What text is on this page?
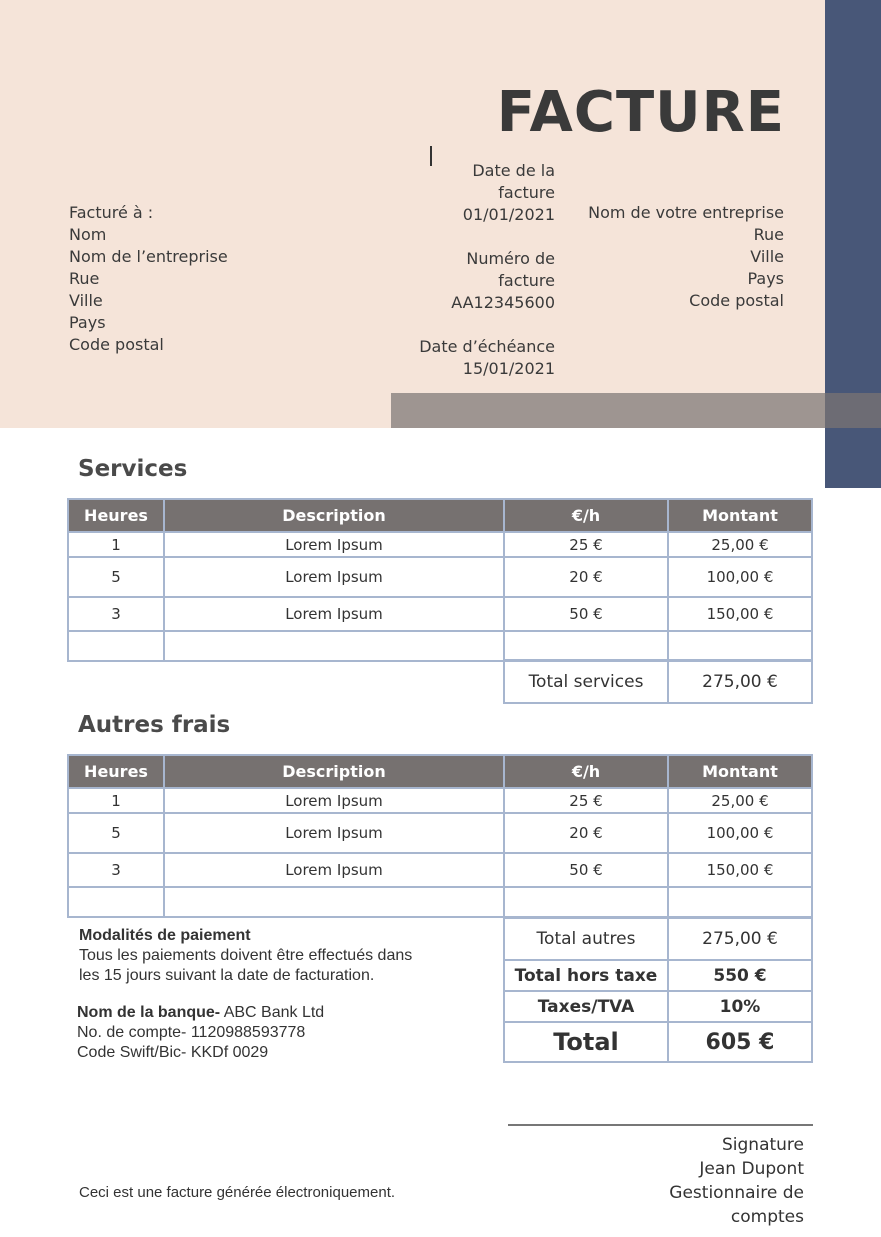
FACTURE
Facturé à :
Nom
Nom de l’entreprise
Rue
Ville
Pays
Code postal
Date de la
facture
01/01/2021
Numéro de
facture
AA12345600
Date d’échéance
15/01/2021
Nom de votre entreprise
Rue
Ville
Pays
Code postal
Services
Heures	Description	€/h	Montant
1	Lorem Ipsum	25 €	25,00 €
5	Lorem Ipsum	20 €	100,00 €
3	Lorem Ipsum	50 €	150,00 €

Total services	275,00 €
Autres frais
Heures	Description	€/h	Montant
1	Lorem Ipsum	25 €	25,00 €
5	Lorem Ipsum	20 €	100,00 €
3	Lorem Ipsum	50 €	150,00 €

Total autres	275,00 €
Total hors taxe	550 €
Taxes/TVA	10%
Total	605 €
Modalités de paiement
Tous les paiements doivent être effectués dans
les 15 jours suivant la date de facturation.
Nom de la banque- ABC Bank Ltd
No. de compte- 1120988593778
Code Swift/Bic- KKDf 0029
Signature
Jean Dupont
Gestionnaire de
comptes
Ceci est une facture générée électroniquement.
